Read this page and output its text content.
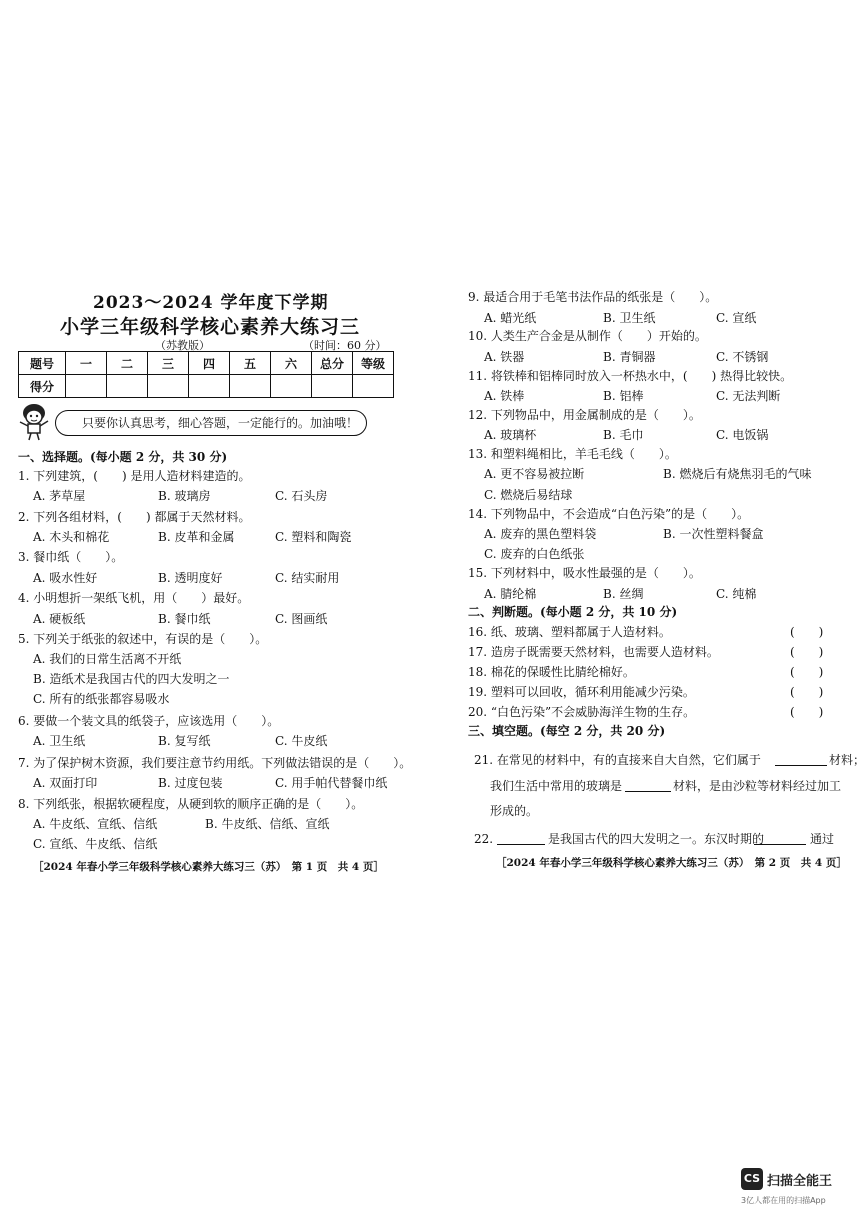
2023～2024 学年度下学期
小学三年级科学核心素养大练习三
（苏教版）	（时间：60 分）
题号	一	二	三	四	五	六	总分	等级
得分								
只要你认真思考，细心答题，一定能行的。加油哦！
一、选择题。(每小题 2 分，共 30 分)
1. 下列建筑，(　　) 是用人造材料建造的。
A. 茅草屋	B. 玻璃房	C. 石头房
2. 下列各组材料，(　　) 都属于天然材料。
A. 木头和棉花	B. 皮革和金属	C. 塑料和陶瓷
3. 餐巾纸（　　）。
A. 吸水性好	B. 透明度好	C. 结实耐用
4. 小明想折一架纸飞机，用（　　）最好。
A. 硬板纸	B. 餐巾纸	C. 图画纸
5. 下列关于纸张的叙述中，有误的是（　　）。
A. 我们的日常生活离不开纸
B. 造纸术是我国古代的四大发明之一
C. 所有的纸张都容易吸水
6. 要做一个装文具的纸袋子，应该选用（　　）。
A. 卫生纸	B. 复写纸	C. 牛皮纸
7. 为了保护树木资源，我们要注意节约用纸。下列做法错误的是（　　）。
A. 双面打印	B. 过度包装	C. 用手帕代替餐巾纸
8. 下列纸张，根据软硬程度，从硬到软的顺序正确的是（　　）。
A. 牛皮纸、宣纸、信纸	B. 牛皮纸、信纸、宣纸
C. 宣纸、牛皮纸、信纸
［2024 年春小学三年级科学核心素养大练习三（苏）　第 1 页　共 4 页］
9. 最适合用于毛笔书法作品的纸张是（　　）。
A. 蜡光纸	B. 卫生纸	C. 宣纸
10. 人类生产合金是从制作（　　）开始的。
A. 铁器	B. 青铜器	C. 不锈钢
11. 将铁棒和铝棒同时放入一杯热水中，(　　) 热得比较快。
A. 铁棒	B. 铝棒	C. 无法判断
12. 下列物品中，用金属制成的是（　　）。
A. 玻璃杯	B. 毛巾	C. 电饭锅
13. 和塑料绳相比，羊毛毛线（　　）。
A. 更不容易被拉断	B. 燃烧后有烧焦羽毛的气味
C. 燃烧后易结球
14. 下列物品中，不会造成“白色污染”的是（　　）。
A. 废弃的黑色塑料袋	B. 一次性塑料餐盒
C. 废弃的白色纸张
15. 下列材料中，吸水性最强的是（　　）。
A. 腈纶棉	B. 丝绸	C. 纯棉
二、判断题。(每小题 2 分，共 10 分)
16. 纸、玻璃、塑料都属于人造材料。	(　　)
17. 造房子既需要天然材料，也需要人造材料。	(　　)
18. 棉花的保暖性比腈纶棉好。	(　　)
19. 塑料可以回收，循环利用能减少污染。	(　　)
20. “白色污染”不会威胁海洋生物的生存。	(　　)
三、填空题。(每空 2 分，共 20 分)
21. 在常见的材料中，有的直接来自大自然，它们属于	材料；
我们生活中常用的玻璃是	材料，是由沙粒等材料经过加工
形成的。
22.	是我国古代的四大发明之一。东汉时期的	通过
［2024 年春小学三年级科学核心素养大练习三（苏）　第 2 页　共 4 页］
CS 扫描全能王
3亿人都在用的扫描App
